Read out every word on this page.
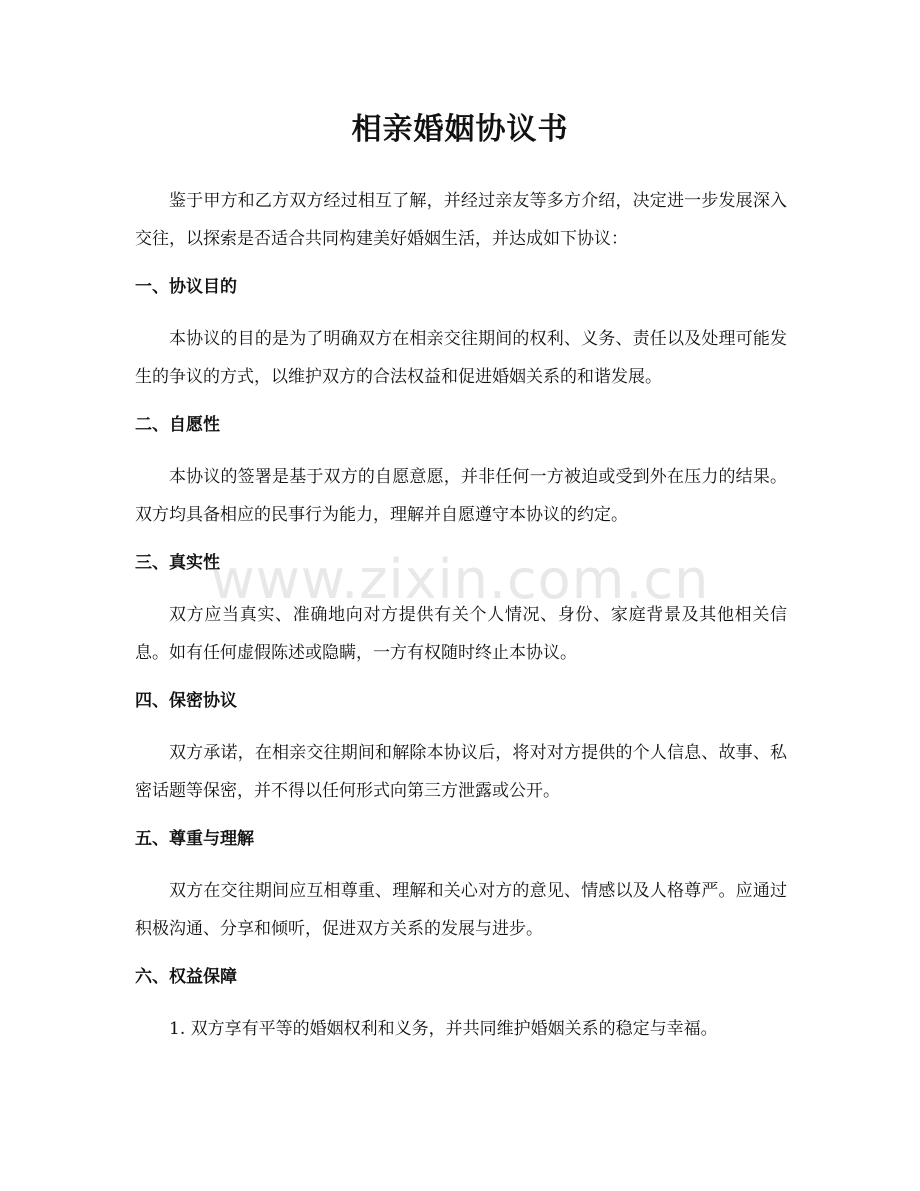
相亲婚姻协议书

鉴于甲方和乙方双方经过相互了解，并经过亲友等多方介绍，决定进一步发展深入交往，以探索是否适合共同构建美好婚姻生活，并达成如下协议：

一、协议目的

本协议的目的是为了明确双方在相亲交往期间的权利、义务、责任以及处理可能发生的争议的方式，以维护双方的合法权益和促进婚姻关系的和谐发展。

二、自愿性

本协议的签署是基于双方的自愿意愿，并非任何一方被迫或受到外在压力的结果。双方均具备相应的民事行为能力，理解并自愿遵守本协议的约定。

三、真实性

双方应当真实、准确地向对方提供有关个人情况、身份、家庭背景及其他相关信息。如有任何虚假陈述或隐瞒，一方有权随时终止本协议。

四、保密协议

双方承诺，在相亲交往期间和解除本协议后，将对对方提供的个人信息、故事、私密话题等保密，并不得以任何形式向第三方泄露或公开。

五、尊重与理解

双方在交往期间应互相尊重、理解和关心对方的意见、情感以及人格尊严。应通过积极沟通、分享和倾听，促进双方关系的发展与进步。

六、权益保障

1. 双方享有平等的婚姻权利和义务，并共同维护婚姻关系的稳定与幸福。

www.zixin.com.cn
